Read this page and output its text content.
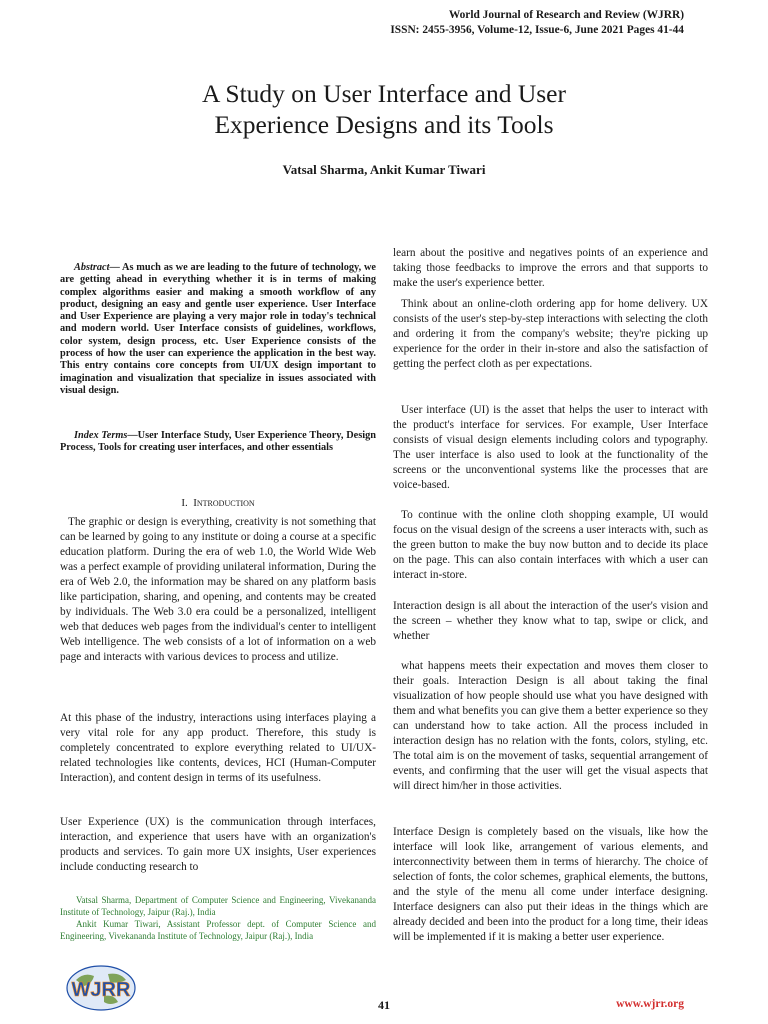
World Journal of Research and Review (WJRR)
ISSN: 2455-3956, Volume-12, Issue-6, June 2021 Pages 41-44
A Study on User Interface and User
Experience Designs and its Tools
Vatsal Sharma, Ankit Kumar Tiwari

Abstract— As much as we are leading to the future of technology, we are getting ahead in everything whether it is in terms of making complex algorithms easier and making a smooth workflow of any product, designing an easy and gentle user experience. User Interface and User Experience are playing a very major role in today's technical and modern world. User Interface consists of guidelines, workflows, color system, design process, etc. User Experience consists of the process of how the user can experience the application in the best way. This entry contains core concepts from UI/UX design important to imagination and visualization that specialize in issues associated with visual design.

Index Terms—User Interface Study, User Experience Theory, Design Process, Tools for creating user interfaces, and other essentials

I. Introduction

The graphic or design is everything, creativity is not something that can be learned by going to any institute or doing a course at a specific education platform. During the era of web 1.0, the World Wide Web was a perfect example of providing unilateral information, During the era of Web 2.0, the information may be shared on any platform basis like participation, sharing, and opening, and contents may be created by individuals. The Web 3.0 era could be a personalized, intelligent web that deduces web pages from the individual's center to intelligent Web intelligence. The web consists of a lot of information on a web page and interacts with various devices to process and utilize.

At this phase of the industry, interactions using interfaces playing a very vital role for any app product. Therefore, this study is completely concentrated to explore everything related to UI/UX-related technologies like contents, devices, HCI (Human-Computer Interaction), and content design in terms of its usefulness.

User Experience (UX) is the communication through interfaces, interaction, and experience that users have with an organization's products and services. To gain more UX insights, User experiences include conducting research to

Vatsal Sharma, Department of Computer Science and Engineering, Vivekananda Institute of Technology, Jaipur (Raj.), India
Ankit Kumar Tiwari, Assistant Professor dept. of Computer Science and Engineering, Vivekananda Institute of Technology, Jaipur (Raj.), India

learn about the positive and negatives points of an experience and taking those feedbacks to improve the errors and that supports to make the user's experience better.

Think about an online-cloth ordering app for home delivery. UX consists of the user's step-by-step interactions with selecting the cloth and ordering it from the company's website; they're picking up experience for the order in their in-store and also the satisfaction of getting the perfect cloth as per expectations.

User interface (UI) is the asset that helps the user to interact with the product's interface for services. For example, User Interface consists of visual design elements including colors and typography. The user interface is also used to look at the functionality of the screens or the unconventional systems like the processes that are voice-based.

To continue with the online cloth shopping example, UI would focus on the visual design of the screens a user interacts with, such as the green button to make the buy now button and to decide its place on the page. This can also contain interfaces with which a user can interact in-store.

Interaction design is all about the interaction of the user's vision and the screen – whether they know what to tap, swipe or click, and whether

what happens meets their expectation and moves them closer to their goals. Interaction Design is all about taking the final visualization of how people should use what you have designed with them and what benefits you can give them a better experience so they can understand how to take action. All the process included in interaction design has no relation with the fonts, colors, styling, etc. The total aim is on the movement of tasks, sequential arrangement of events, and confirming that the user will get the visual aspects that will direct him/her in those activities.

Interface Design is completely based on the visuals, like how the interface will look like, arrangement of various elements, and interconnectivity between them in terms of hierarchy. The choice of selection of fonts, the color schemes, graphical elements, the buttons, and the style of the menu all come under interface designing. Interface designers can also put their ideas in the things which are already decided and been into the product for a long time, their ideas will be implemented if it is making a better user experience.

WJRR
41	www.wjrr.org
